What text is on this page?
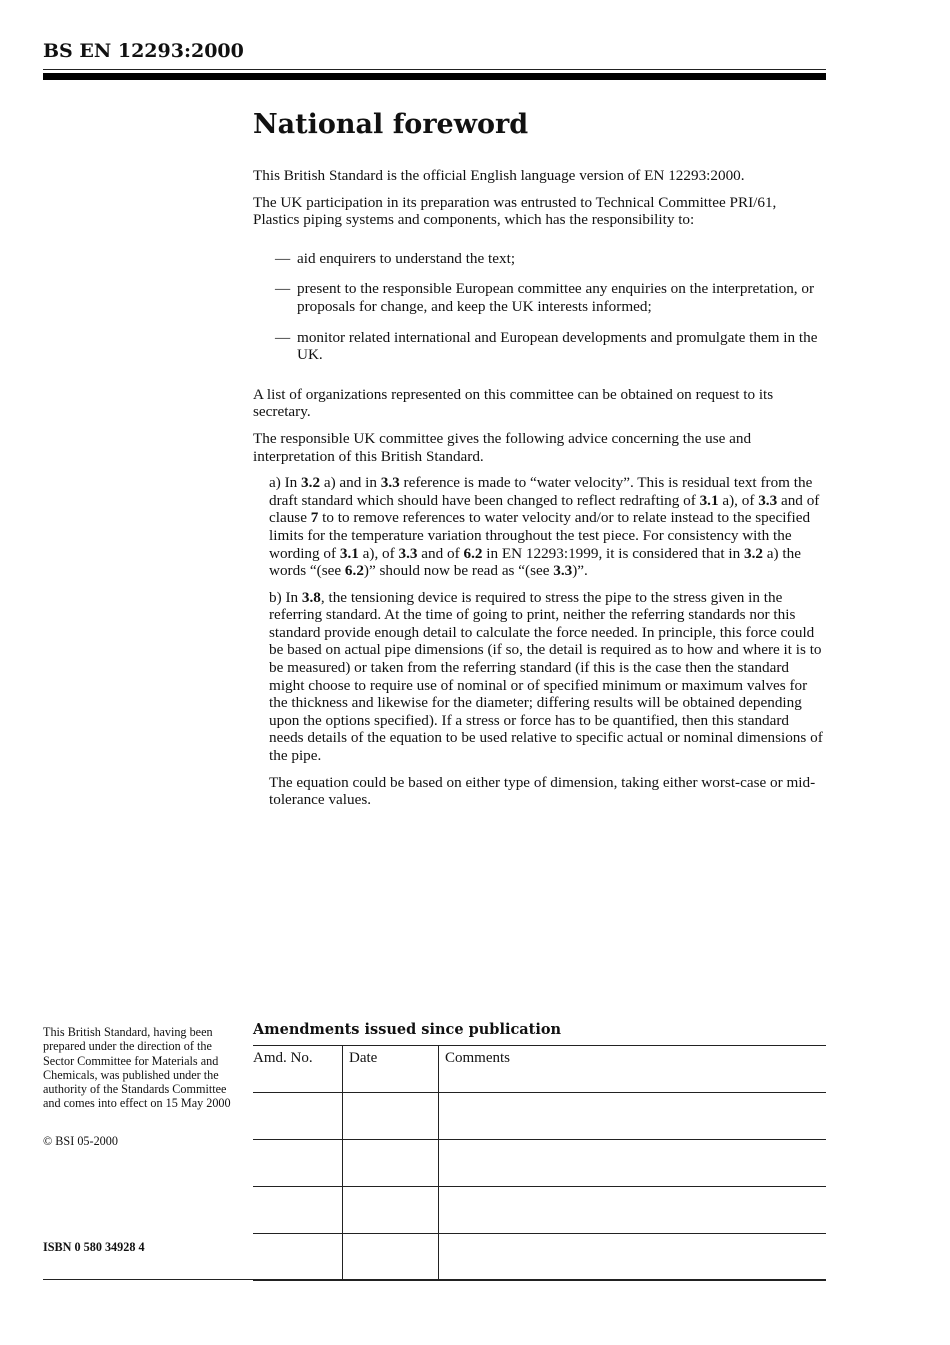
BS EN 12293:2000
National foreword

This British Standard is the official English language version of EN 12293:2000.

The UK participation in its preparation was entrusted to Technical Committee PRI/61, Plastics piping systems and components, which has the responsibility to:

— aid enquirers to understand the text;
— present to the responsible European committee any enquiries on the interpretation, or proposals for change, and keep the UK interests informed;
— monitor related international and European developments and promulgate them in the UK.

A list of organizations represented on this committee can be obtained on request to its secretary.

The responsible UK committee gives the following advice concerning the use and interpretation of this British Standard.

a) In 3.2 a) and in 3.3 reference is made to “water velocity”. This is residual text from the draft standard which should have been changed to reflect redrafting of 3.1 a), of 3.3 and of clause 7 to to remove references to water velocity and/or to relate instead to the specified limits for the temperature variation throughout the test piece. For consistency with the wording of 3.1 a), of 3.3 and of 6.2 in EN 12293:1999, it is considered that in 3.2 a) the words “(see 6.2)” should now be read as “(see 3.3)”.

b) In 3.8, the tensioning device is required to stress the pipe to the stress given in the referring standard. At the time of going to print, neither the referring standards nor this standard provide enough detail to calculate the force needed. In principle, this force could be based on actual pipe dimensions (if so, the detail is required as to how and where it is to be measured) or taken from the referring standard (if this is the case then the standard might choose to require use of nominal or of specified minimum or maximum valves for the thickness and likewise for the diameter; differing results will be obtained depending upon the options specified). If a stress or force has to be quantified, then this standard needs details of the equation to be used relative to specific actual or nominal dimensions of the pipe.

The equation could be based on either type of dimension, taking either worst-case or mid-tolerance values.

This British Standard, having been prepared under the direction of the Sector Committee for Materials and Chemicals, was published under the authority of the Standards Committee and comes into effect on 15 May 2000
© BSI 05-2000
ISBN 0 580 34928 4
Amendments issued since publication
Amd. No.	Date	Comments
